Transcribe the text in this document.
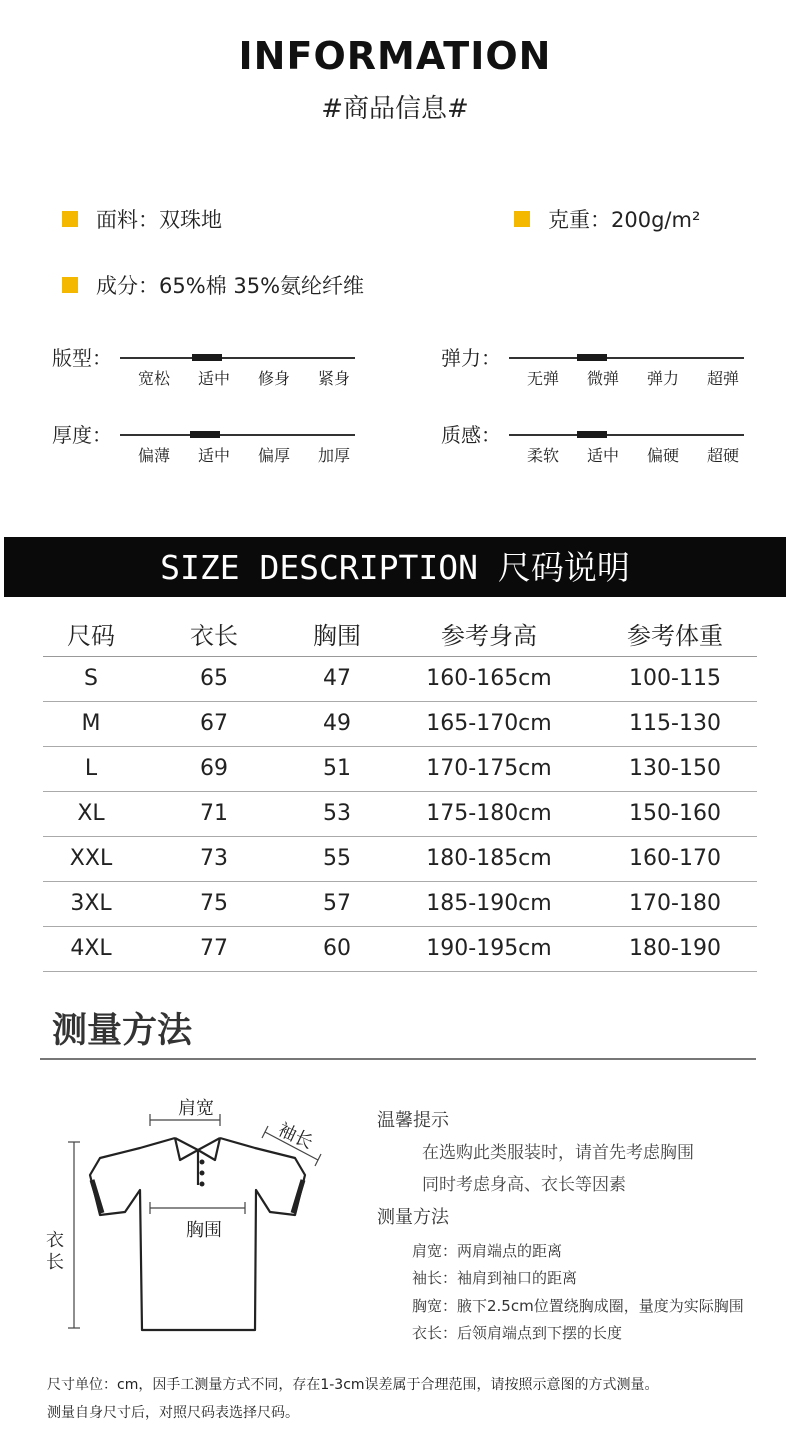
INFORMATION
#商品信息#
面料：双珠地	克重：200g/m²
成分：65%棉 35%氨纶纤维
版型：
宽松	适中	修身	紧身
弹力：
无弹	微弹	弹力	超弹
厚度：
偏薄	适中	偏厚	加厚
质感：
柔软	适中	偏硬	超硬
SIZE DESCRIPTION 尺码说明
尺码	衣长	胸围	参考身高	参考体重
S	65	47	160-165cm	100-115
M	67	49	165-170cm	115-130
L	69	51	170-175cm	130-150
XL	71	53	175-180cm	150-160
XXL	73	55	180-185cm	160-170
3XL	75	57	185-190cm	170-180
4XL	77	60	190-195cm	180-190
测量方法
肩宽
袖长
胸围
衣长
温馨提示
在选购此类服装时，请首先考虑胸围
同时考虑身高、衣长等因素
测量方法
肩宽：两肩端点的距离
袖长：袖肩到袖口的距离
胸宽：腋下2.5cm位置绕胸成圈，量度为实际胸围
衣长：后领肩端点到下摆的长度
尺寸单位：cm，因手工测量方式不同，存在1-3cm误差属于合理范围，请按照示意图的方式测量。
测量自身尺寸后，对照尺码表选择尺码。
